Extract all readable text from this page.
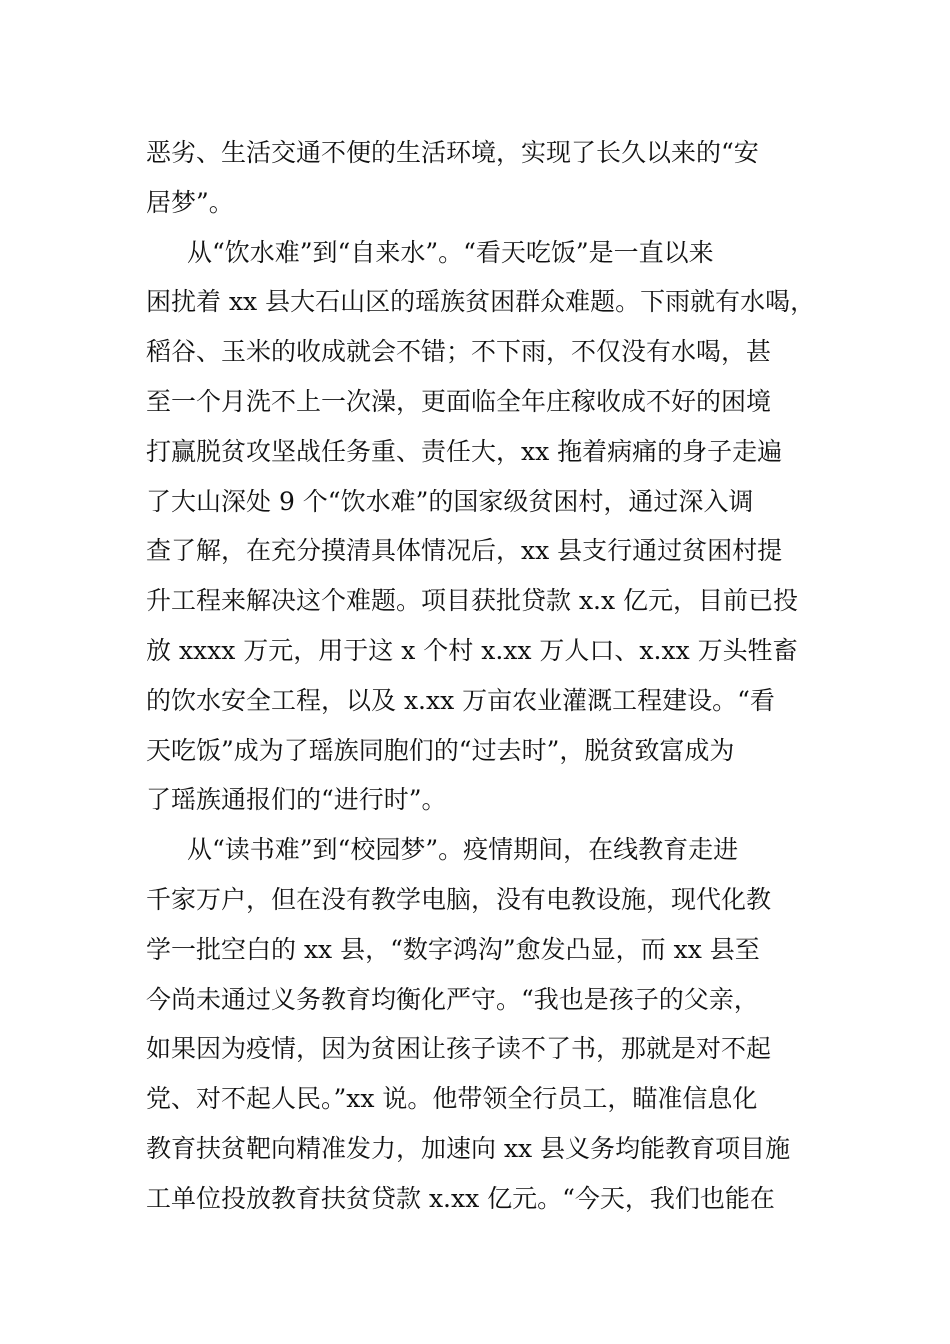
恶劣、生活交通不便的生活环境，实现了长久以来的“安
居梦”。
从“饮水难”到“自来水”。“看天吃饭”是一直以来
困扰着 xx 县大石山区的瑶族贫困群众难题。下雨就有水喝，
稻谷、玉米的收成就会不错；不下雨，不仅没有水喝，甚
至一个月洗不上一次澡，更面临全年庄稼收成不好的困境
打赢脱贫攻坚战任务重、责任大，xx 拖着病痛的身子走遍
了大山深处 9 个“饮水难”的国家级贫困村，通过深入调
查了解，在充分摸清具体情况后，xx 县支行通过贫困村提
升工程来解决这个难题。项目获批贷款 x.x 亿元，目前已投
放 xxxx 万元，用于这 x 个村 x.xx 万人口、x.xx 万头牲畜
的饮水安全工程，以及 x.xx 万亩农业灌溉工程建设。“看
天吃饭”成为了瑶族同胞们的“过去时”，脱贫致富成为
了瑶族通报们的“进行时”。
从“读书难”到“校园梦”。疫情期间，在线教育走进
千家万户，但在没有教学电脑，没有电教设施，现代化教
学一批空白的 xx 县，“数字鸿沟”愈发凸显，而 xx 县至
今尚未通过义务教育均衡化严守。“我也是孩子的父亲，
如果因为疫情，因为贫困让孩子读不了书，那就是对不起
党、对不起人民。”xx 说。他带领全行员工，瞄准信息化
教育扶贫靶向精准发力，加速向 xx 县义务均能教育项目施
工单位投放教育扶贫贷款 x.xx 亿元。“今天，我们也能在
